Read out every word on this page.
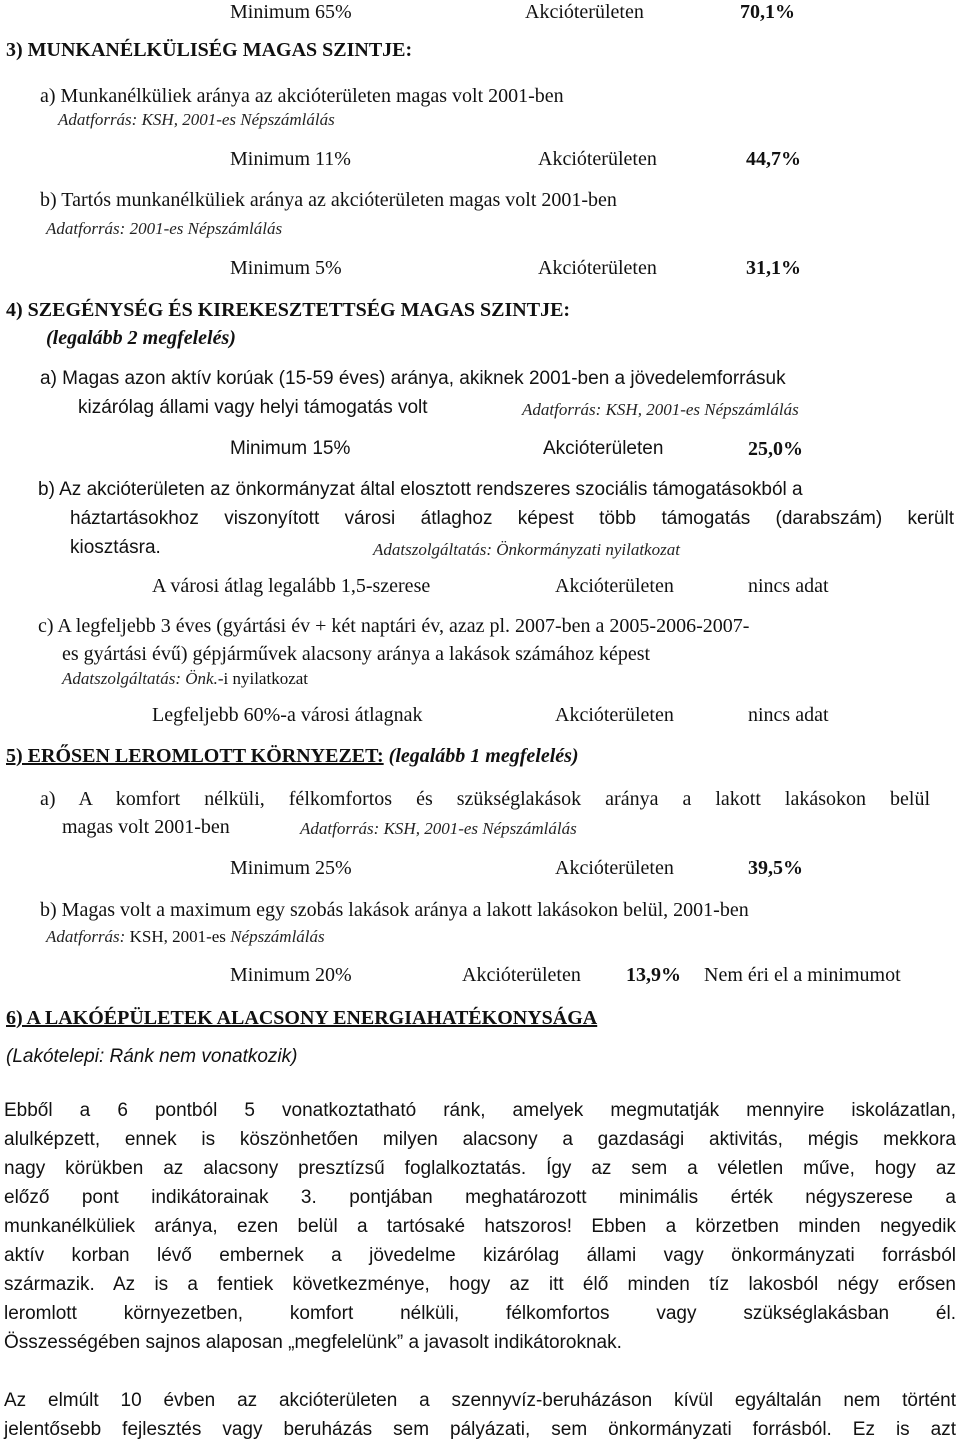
Minimum 65%	Akcióterületen	70,1%
3) MUNKANÉLKÜLISÉG MAGAS SZINTJE:
a) Munkanélküliek aránya az akcióterületen magas volt 2001-ben
Adatforrás: KSH, 2001-es Népszámlálás
Minimum 11%	Akcióterületen	44,7%
b) Tartós munkanélküliek aránya az akcióterületen magas volt 2001-ben
Adatforrás: 2001-es Népszámlálás
Minimum 5%	Akcióterületen	31,1%
4) SZEGÉNYSÉG ÉS KIREKESZTETTSÉG MAGAS SZINTJE:
(legalább 2 megfelelés)
a) Magas azon aktív korúak (15-59 éves) aránya, akiknek 2001-ben a jövedelemforrásuk
kizárólag állami vagy helyi támogatás volt	Adatforrás: KSH, 2001-es Népszámlálás
Minimum 15%	Akcióterületen	25,0%
b) Az akcióterületen az önkormányzat által elosztott rendszeres szociális támogatásokból a
háztartásokhoz viszonyított városi átlaghoz képest több támogatás (darabszám) került
kiosztásra.	Adatszolgáltatás: Önkormányzati nyilatkozat
A városi átlag legalább 1,5-szerese	Akcióterületen	nincs adat
c) A legfeljebb 3 éves (gyártási év + két naptári év, azaz pl. 2007-ben a 2005-2006-2007-
es gyártási évű) gépjárművek alacsony aránya a lakások számához képest
Adatszolgáltatás: Önk.-i nyilatkozat
Legfeljebb 60%-a városi átlagnak	Akcióterületen	nincs adat
5) ERŐSEN LEROMLOTT KÖRNYEZET: (legalább 1 megfelelés)
a) A komfort nélküli, félkomfortos és szükséglakások aránya a lakott lakásokon belül
magas volt 2001-ben	Adatforrás: KSH, 2001-es Népszámlálás
Minimum 25%	Akcióterületen	39,5%
b) Magas volt a maximum egy szobás lakások aránya a lakott lakásokon belül, 2001-ben
Adatforrás: KSH, 2001-es Népszámlálás
Minimum 20%	Akcióterületen 13,9% Nem éri el a minimumot
6) A LAKÓÉPÜLETEK ALACSONY ENERGIAHATÉKONYSÁGA
(Lakótelepi: Ránk nem vonatkozik)
Ebből a 6 pontból 5 vonatkoztatható ránk, amelyek megmutatják mennyire iskolázatlan,
alulképzett, ennek is köszönhetően milyen alacsony a gazdasági aktivitás, mégis mekkora
nagy körükben az alacsony presztízsű foglalkoztatás. Így az sem a véletlen műve, hogy az
előző pont indikátorainak 3. pontjában meghatározott minimális érték négyszerese a
munkanélküliek aránya, ezen belül a tartósaké hatszoros! Ebben a körzetben minden negyedik
aktív korban lévő embernek a jövedelme kizárólag állami vagy önkormányzati forrásból
származik. Az is a fentiek következménye, hogy az itt élő minden tíz lakosból négy erősen
leromlott környezetben, komfort nélküli, félkomfortos vagy szükséglakásban él.
Összességében sajnos alaposan „megfelelünk” a javasolt indikátoroknak.
Az elmúlt 10 évben az akcióterületen a szennyvíz-beruházáson kívül egyáltalán nem történt
jelentősebb fejlesztés vagy beruházás sem pályázati, sem önkormányzati forrásból. Ez is azt
